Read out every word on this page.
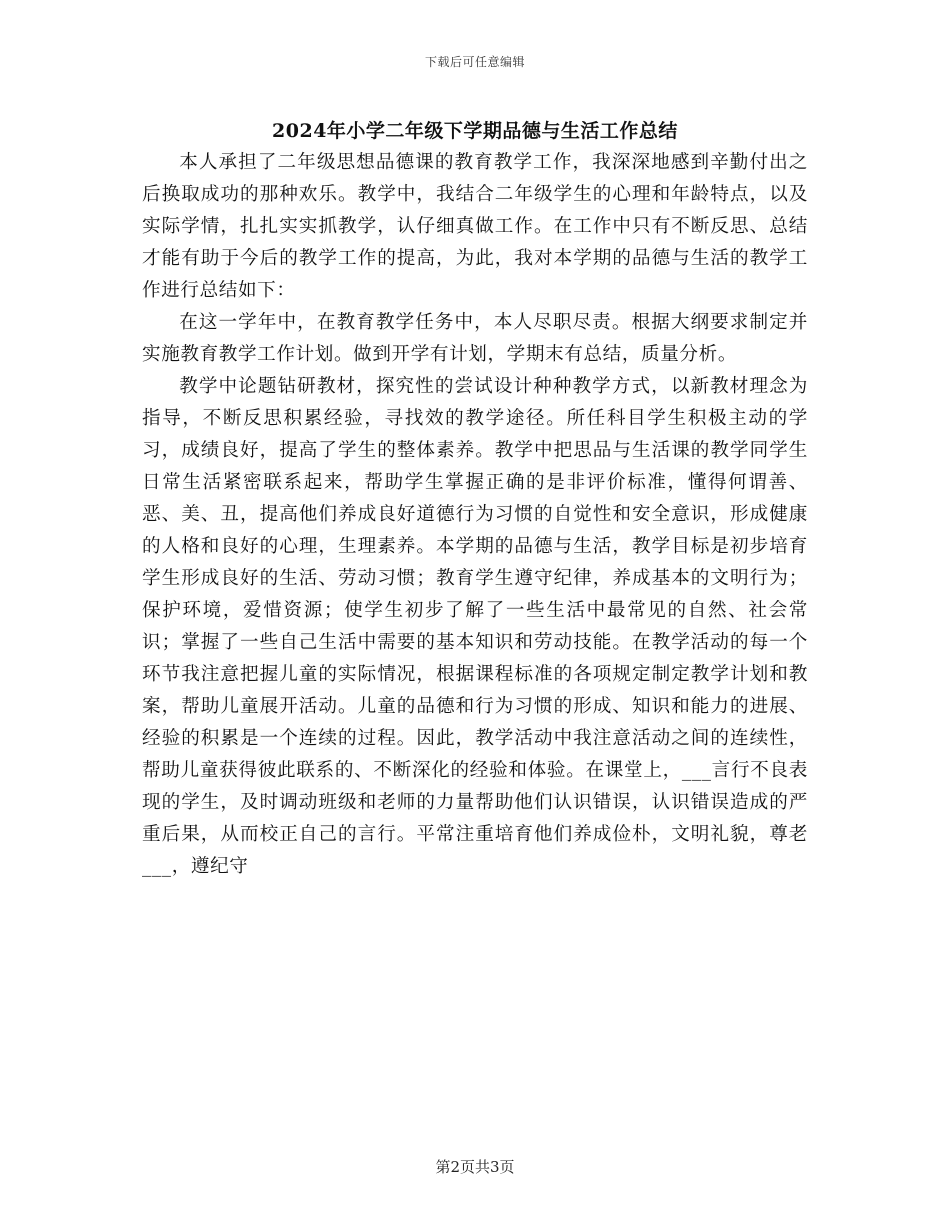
下载后可任意编辑
2024年小学二年级下学期品德与生活工作总结

本人承担了二年级思想品德课的教育教学工作，我深深地感到辛勤付出之后换取成功的那种欢乐。教学中，我结合二年级学生的心理和年龄特点，以及实际学情，扎扎实实抓教学，认仔细真做工作。在工作中只有不断反思、总结才能有助于今后的教学工作的提高，为此，我对本学期的品德与生活的教学工作进行总结如下：

在这一学年中，在教育教学任务中，本人尽职尽责。根据大纲要求制定并实施教育教学工作计划。做到开学有计划，学期末有总结，质量分析。

教学中论题钻研教材，探究性的尝试设计种种教学方式，以新教材理念为指导，不断反思积累经验，寻找效的教学途径。所任科目学生积极主动的学习，成绩良好，提高了学生的整体素养。教学中把思品与生活课的教学同学生日常生活紧密联系起来，帮助学生掌握正确的是非评价标准，懂得何谓善、恶、美、丑，提高他们养成良好道德行为习惯的自觉性和安全意识，形成健康的人格和良好的心理，生理素养。本学期的品德与生活，教学目标是初步培育学生形成良好的生活、劳动习惯；教育学生遵守纪律，养成基本的文明行为；保护环境，爱惜资源；使学生初步了解了一些生活中最常见的自然、社会常识；掌握了一些自己生活中需要的基本知识和劳动技能。在教学活动的每一个环节我注意把握儿童的实际情况，根据课程标准的各项规定制定教学计划和教案，帮助儿童展开活动。儿童的品德和行为习惯的形成、知识和能力的进展、经验的积累是一个连续的过程。因此，教学活动中我注意活动之间的连续性，帮助儿童获得彼此联系的、不断深化的经验和体验。在课堂上，___言行不良表现的学生，及时调动班级和老师的力量帮助他们认识错误，认识错误造成的严重后果，从而校正自己的言行。平常注重培育他们养成俭朴，文明礼貌，尊老___，遵纪守

第2页共3页
